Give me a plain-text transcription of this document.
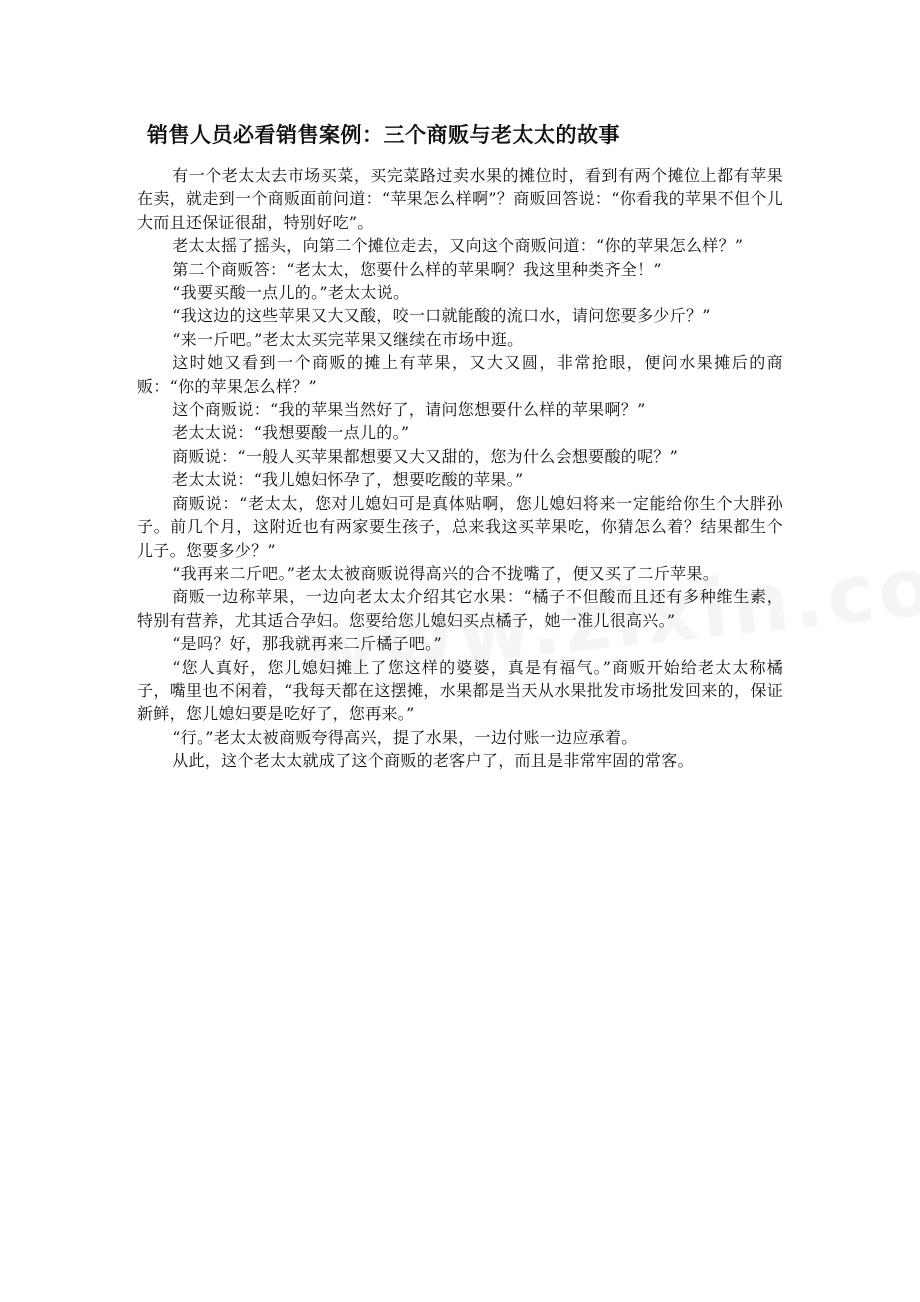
销售人员必看销售案例：三个商贩与老太太的故事

有一个老太太去市场买菜，买完菜路过卖水果的摊位时，看到有两个摊位上都有苹果在卖，就走到一个商贩面前问道：“苹果怎么样啊”？商贩回答说：“你看我的苹果不但个儿大而且还保证很甜，特别好吃”。

老太太摇了摇头，向第二个摊位走去，又向这个商贩问道：“你的苹果怎么样？”

第二个商贩答：“老太太，您要什么样的苹果啊？我这里种类齐全！”

“我要买酸一点儿的。”老太太说。

“我这边的这些苹果又大又酸，咬一口就能酸的流口水，请问您要多少斤？”

“来一斤吧。”老太太买完苹果又继续在市场中逛。

这时她又看到一个商贩的摊上有苹果，又大又圆，非常抢眼，便问水果摊后的商贩：“你的苹果怎么样？”

这个商贩说：“我的苹果当然好了，请问您想要什么样的苹果啊？”

老太太说：“我想要酸一点儿的。”

商贩说：“一般人买苹果都想要又大又甜的，您为什么会想要酸的呢？”

老太太说：“我儿媳妇怀孕了，想要吃酸的苹果。”

商贩说：“老太太，您对儿媳妇可是真体贴啊，您儿媳妇将来一定能给你生个大胖孙子。前几个月，这附近也有两家要生孩子，总来我这买苹果吃，你猜怎么着？结果都生个儿子。您要多少？”

“我再来二斤吧。”老太太被商贩说得高兴的合不拢嘴了，便又买了二斤苹果。

商贩一边称苹果，一边向老太太介绍其它水果：“橘子不但酸而且还有多种维生素，特别有营养，尤其适合孕妇。您要给您儿媳妇买点橘子，她一准儿很高兴。”

“是吗？好，那我就再来二斤橘子吧。”

“您人真好，您儿媳妇摊上了您这样的婆婆，真是有福气。”商贩开始给老太太称橘子，嘴里也不闲着，“我每天都在这摆摊，水果都是当天从水果批发市场批发回来的，保证新鲜，您儿媳妇要是吃好了，您再来。”

“行。”老太太被商贩夸得高兴，提了水果，一边付账一边应承着。

从此，这个老太太就成了这个商贩的老客户了，而且是非常牢固的常客。
